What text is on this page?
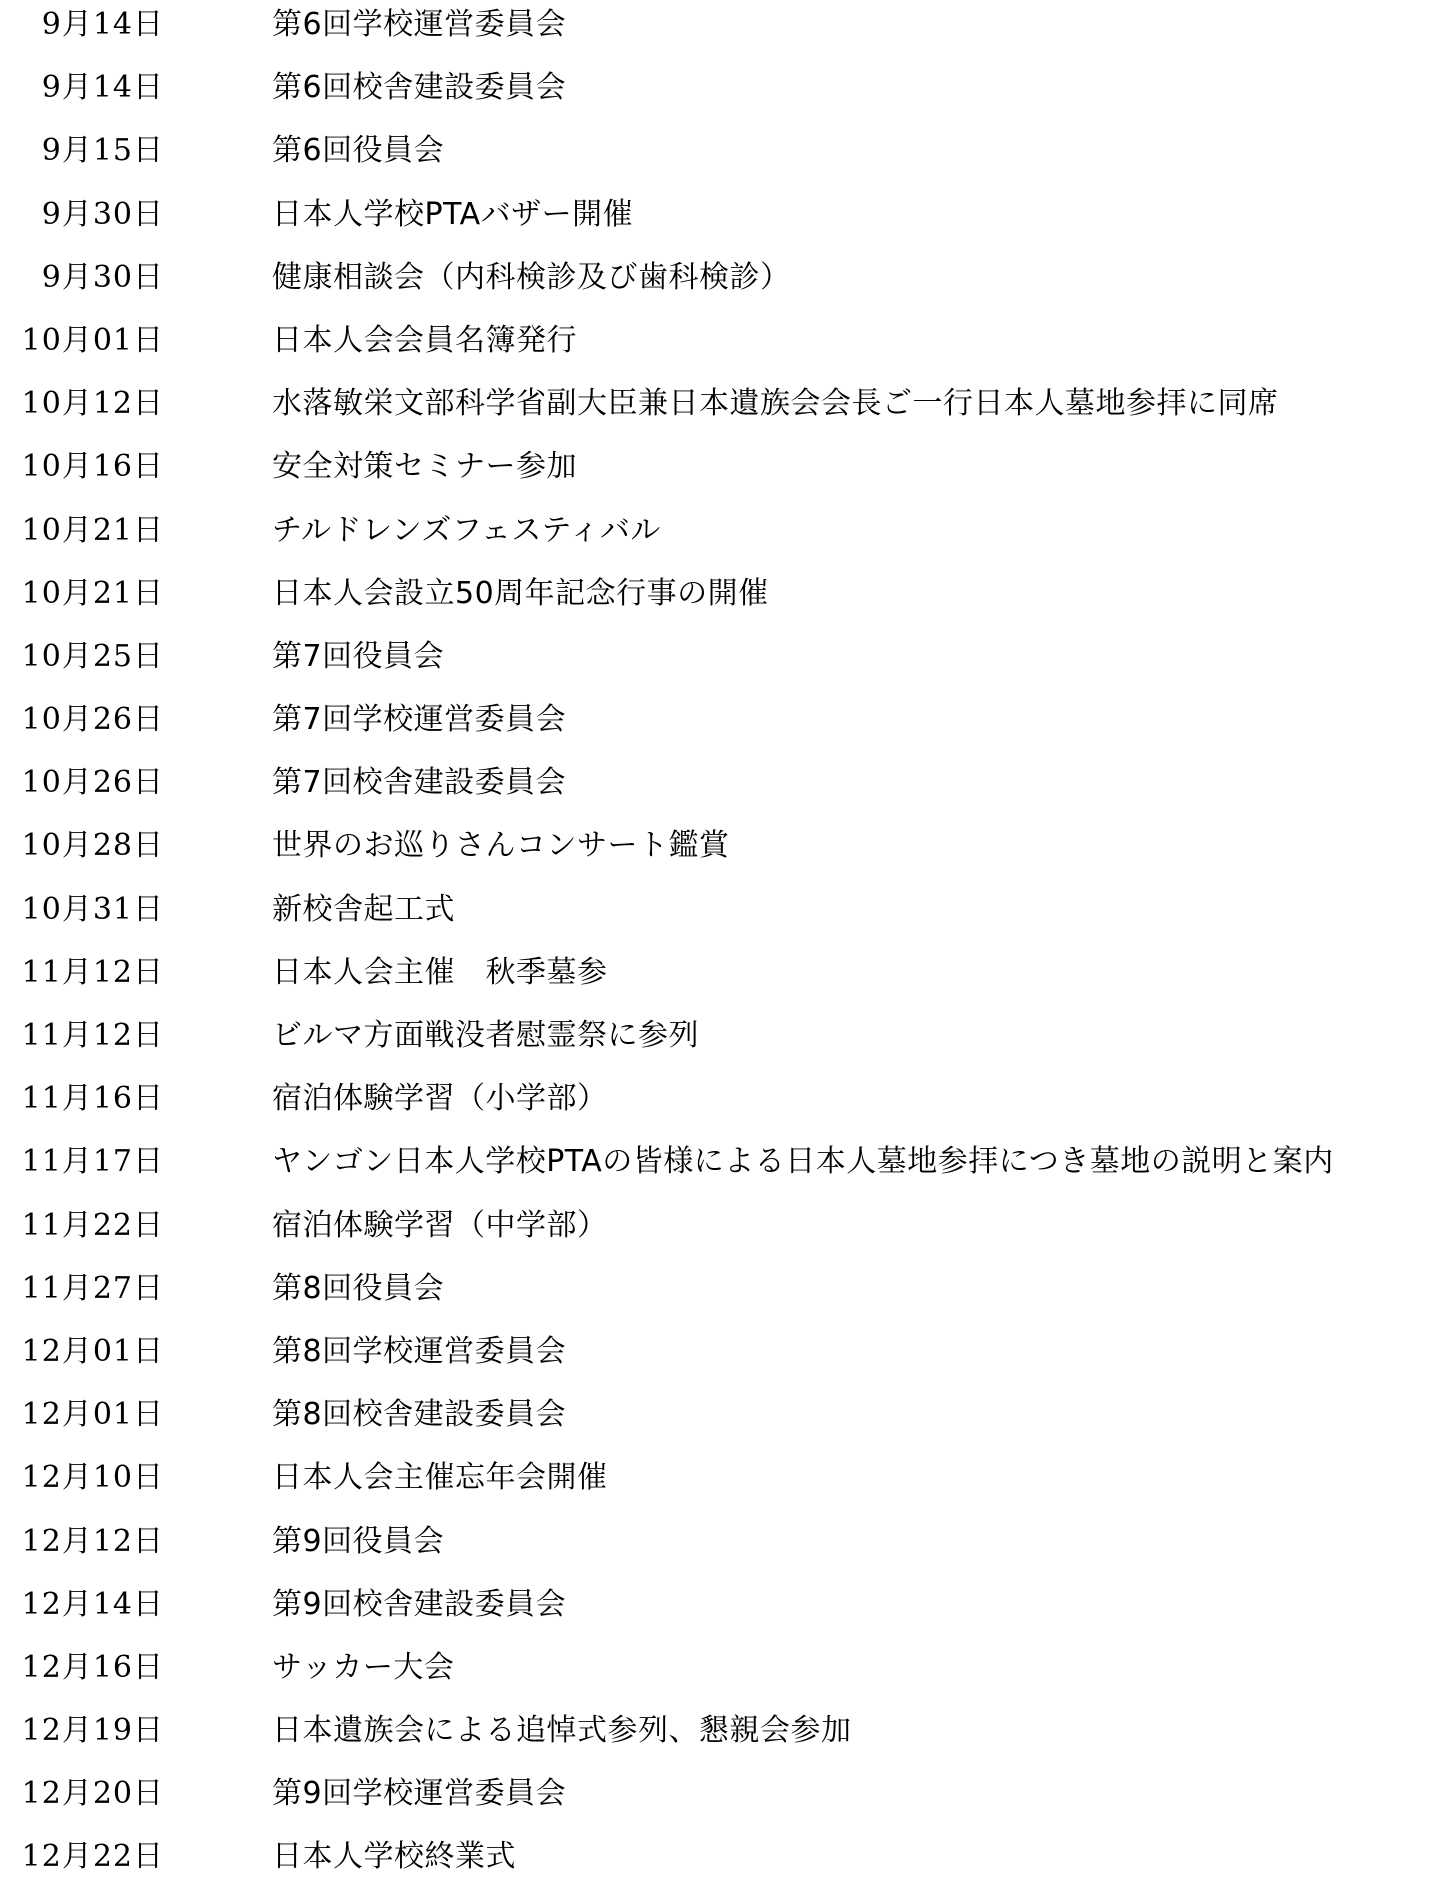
9月14日	第6回学校運営委員会
9月14日	第6回校舎建設委員会
9月15日	第6回役員会
9月30日	日本人学校PTAバザー開催
9月30日	健康相談会（内科検診及び歯科検診）
10月01日	日本人会会員名簿発行
10月12日	水落敏栄文部科学省副大臣兼日本遺族会会長ご一行日本人墓地参拝に同席
10月16日	安全対策セミナー参加
10月21日	チルドレンズフェスティバル
10月21日	日本人会設立50周年記念行事の開催
10月25日	第7回役員会
10月26日	第7回学校運営委員会
10月26日	第7回校舎建設委員会
10月28日	世界のお巡りさんコンサート鑑賞
10月31日	新校舎起工式
11月12日	日本人会主催　秋季墓参
11月12日	ビルマ方面戦没者慰霊祭に参列
11月16日	宿泊体験学習（小学部）
11月17日	ヤンゴン日本人学校PTAの皆様による日本人墓地参拝につき墓地の説明と案内
11月22日	宿泊体験学習（中学部）
11月27日	第8回役員会
12月01日	第8回学校運営委員会
12月01日	第8回校舎建設委員会
12月10日	日本人会主催忘年会開催
12月12日	第9回役員会
12月14日	第9回校舎建設委員会
12月16日	サッカー大会
12月19日	日本遺族会による追悼式参列、懇親会参加
12月20日	第9回学校運営委員会
12月22日	日本人学校終業式
